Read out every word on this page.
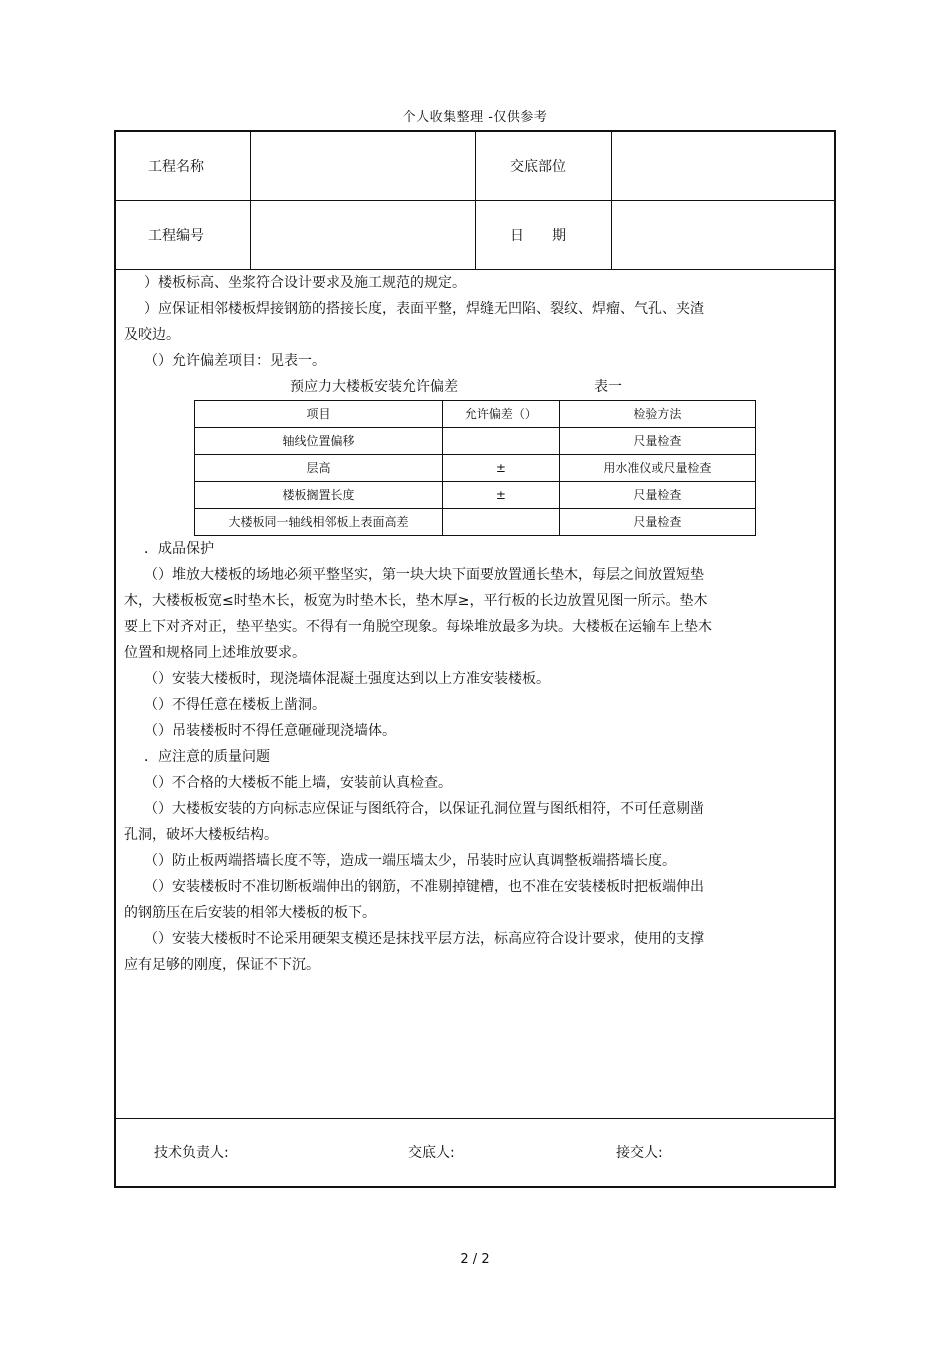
个人收集整理 -仅供参考
工程名称	交底部位
工程编号	日　　期

）楼板标高、坐浆符合设计要求及施工规范的规定。

）应保证相邻楼板焊接钢筋的搭接长度，表面平整，焊缝无凹陷、裂纹、焊瘤、气孔、夹渣

及咬边。

（）允许偏差项目：见表一。

预应力大楼板安装允许偏差	表一
项目	允许偏差（）	检验方法
轴线位置偏移		尺量检查
层高	±	用水准仪或尺量检查
楼板搁置长度	±	尺量检查
大楼板同一轴线相邻板上表面高差		尺量检查

．成品保护

（）堆放大楼板的场地必须平整坚实，第一块大块下面要放置通长垫木，每层之间放置短垫

木，大楼板板宽≤时垫木长，板宽为时垫木长，垫木厚≥，平行板的长边放置见图一所示。垫木

要上下对齐对正，垫平垫实。不得有一角脱空现象。每垛堆放最多为块。大楼板在运输车上垫木

位置和规格同上述堆放要求。

（）安装大楼板时，现浇墙体混凝土强度达到以上方准安装楼板。

（）不得任意在楼板上凿洞。

（）吊装楼板时不得任意砸碰现浇墙体。

．应注意的质量问题

（）不合格的大楼板不能上墙，安装前认真检查。

（）大楼板安装的方向标志应保证与图纸符合，以保证孔洞位置与图纸相符，不可任意剔凿

孔洞，破坏大楼板结构。

（）防止板两端搭墙长度不等，造成一端压墙太少，吊装时应认真调整板端搭墙长度。

（）安装楼板时不准切断板端伸出的钢筋，不准剔掉键槽，也不准在安装楼板时把板端伸出

的钢筋压在后安装的相邻大楼板的板下。

（）安装大楼板时不论采用硬架支模还是抹找平层方法，标高应符合设计要求，使用的支撑

应有足够的刚度，保证不下沉。

技术负责人:	交底人:	接交人:
2 / 2
